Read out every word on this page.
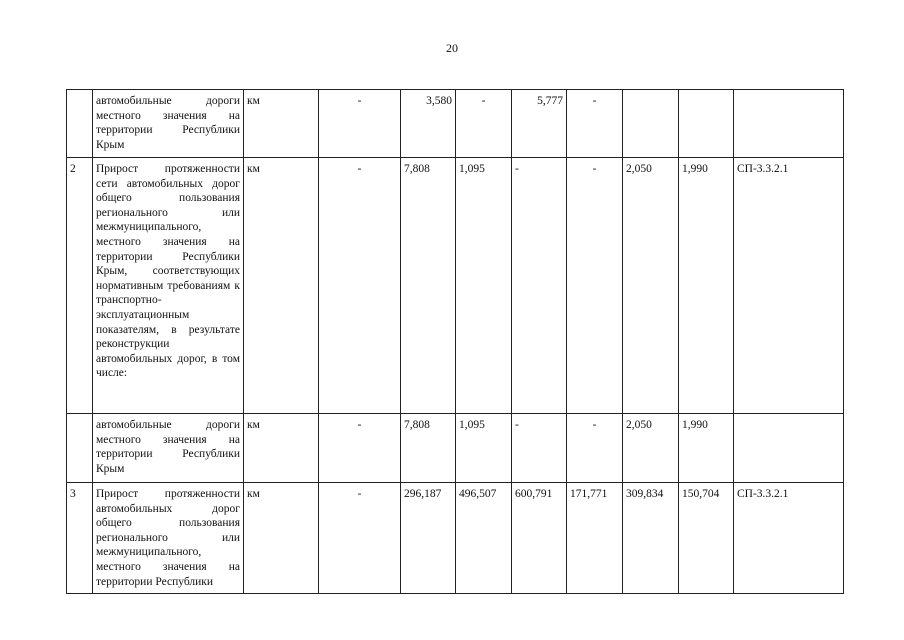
20
	автомобильные дороги местного значения на территории Республики Крым	км	-	3,580	-	5,777	-			
2	Прирост протяженности сети автомобильных дорог общего пользования регионального или межмуниципального, местного значения на территории Республики Крым, соответствующих нормативным требованиям к транспортно-эксплуатационным показателям, в результате реконструкции автомобильных дорог, в том числе:	км	-	7,808	1,095	-	-	2,050	1,990	СП-3.3.2.1
	автомобильные дороги местного значения на территории Республики Крым	км	-	7,808	1,095	-	-	2,050	1,990	
3	Прирост протяженности автомобильных дорог общего пользования регионального или межмуниципального, местного значения на территории Республики	км	-	296,187	496,507	600,791	171,771	309,834	150,704	СП-3.3.2.1
